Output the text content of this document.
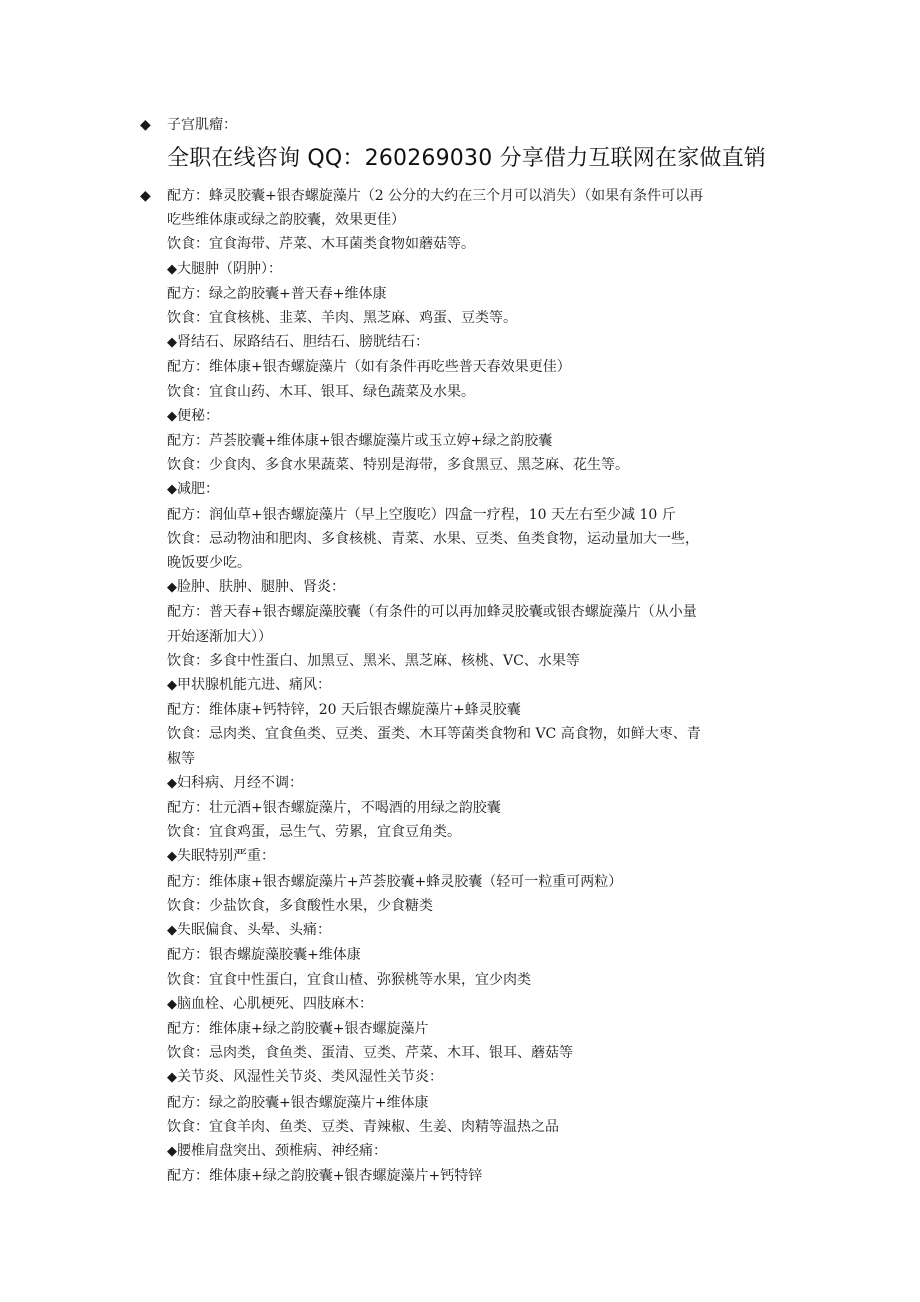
◆ 子宫肌瘤：
全职在线咨询 QQ：260269030 分享借力互联网在家做直销
◆ 配方：蜂灵胶囊+银杏螺旋藻片（2 公分的大约在三个月可以消失）（如果有条件可以再

吃些维体康或绿之韵胶囊，效果更佳）

饮食：宜食海带、芹菜、木耳菌类食物如蘑菇等。

◆大腿肿（阴肿）：

配方：绿之韵胶囊+普天春+维体康

饮食：宜食核桃、韭菜、羊肉、黑芝麻、鸡蛋、豆类等。

◆肾结石、尿路结石、胆结石、膀胱结石：

配方：维体康+银杏螺旋藻片（如有条件再吃些普天春效果更佳）

饮食：宜食山药、木耳、银耳、绿色蔬菜及水果。

◆便秘：

配方：芦荟胶囊+维体康+银杏螺旋藻片或玉立婷+绿之韵胶囊

饮食：少食肉、多食水果蔬菜、特别是海带，多食黑豆、黑芝麻、花生等。

◆减肥：

配方：润仙草+银杏螺旋藻片（早上空腹吃）四盒一疗程，10 天左右至少减 10 斤

饮食：忌动物油和肥肉、多食核桃、青菜、水果、豆类、鱼类食物，运动量加大一些，

晚饭要少吃。

◆脸肿、肤肿、腿肿、肾炎：

配方：普天春+银杏螺旋藻胶囊（有条件的可以再加蜂灵胶囊或银杏螺旋藻片（从小量

开始逐渐加大））

饮食：多食中性蛋白、加黑豆、黑米、黑芝麻、核桃、VC、水果等

◆甲状腺机能亢进、痛风：

配方：维体康+钙特锌，20 天后银杏螺旋藻片+蜂灵胶囊

饮食：忌肉类、宜食鱼类、豆类、蛋类、木耳等菌类食物和 VC 高食物，如鲜大枣、青

椒等

◆妇科病、月经不调：

配方：壮元酒+银杏螺旋藻片，不喝酒的用绿之韵胶囊

饮食：宜食鸡蛋，忌生气、劳累，宜食豆角类。

◆失眠特别严重：

配方：维体康+银杏螺旋藻片+芦荟胶囊+蜂灵胶囊（轻可一粒重可两粒）

饮食：少盐饮食，多食酸性水果，少食糖类

◆失眠偏食、头晕、头痛：

配方：银杏螺旋藻胶囊+维体康

饮食：宜食中性蛋白，宜食山楂、弥猴桃等水果，宜少肉类

◆脑血栓、心肌梗死、四肢麻木：

配方：维体康+绿之韵胶囊+银杏螺旋藻片

饮食：忌肉类，食鱼类、蛋清、豆类、芹菜、木耳、银耳、蘑菇等

◆关节炎、风湿性关节炎、类风湿性关节炎：

配方：绿之韵胶囊+银杏螺旋藻片+维体康

饮食：宜食羊肉、鱼类、豆类、青辣椒、生姜、肉精等温热之品

◆腰椎肩盘突出、颈椎病、神经痛：

配方：维体康+绿之韵胶囊+银杏螺旋藻片+钙特锌
